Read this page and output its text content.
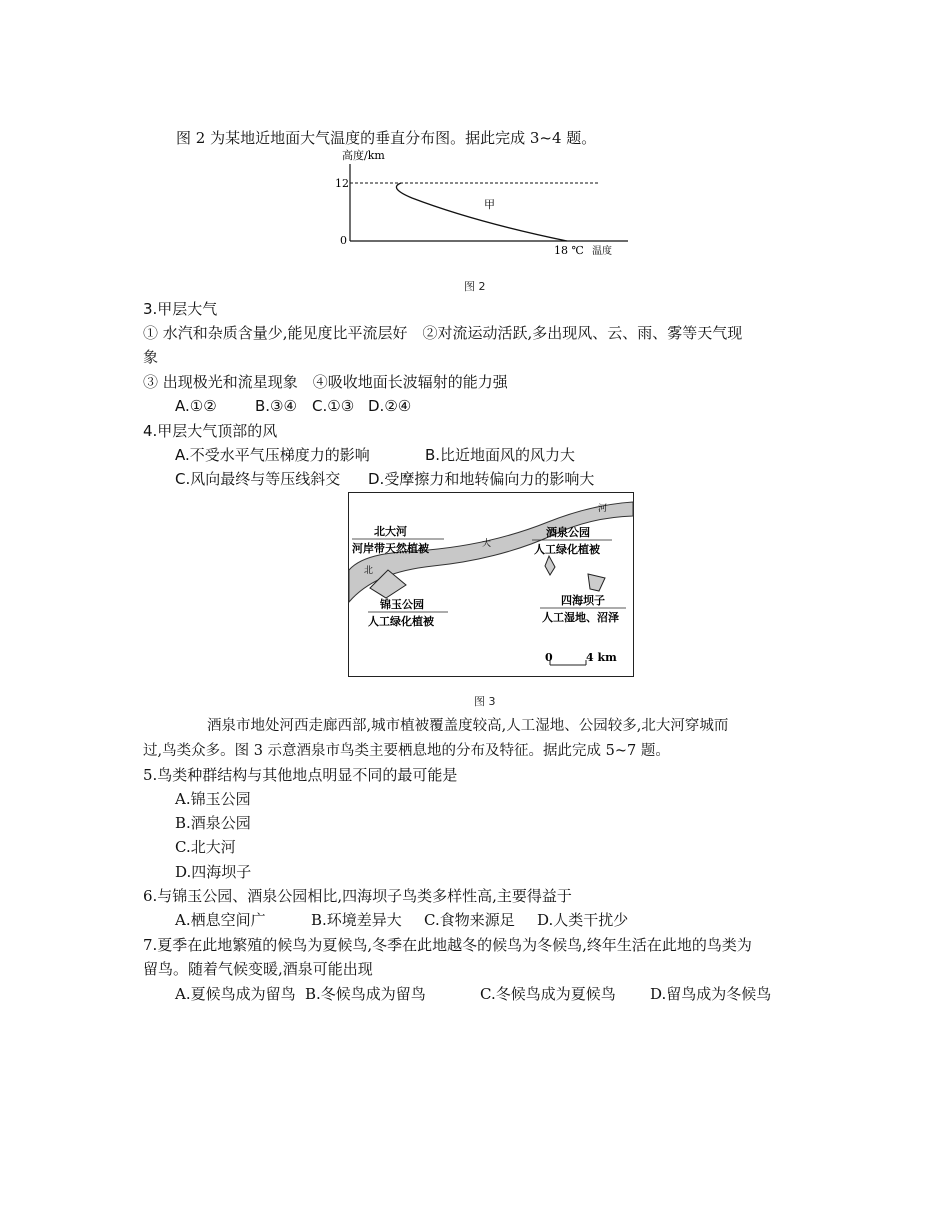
图 2 为某地近地面大气温度的垂直分布图。据此完成 3~4 题。
高度/km
12
0
甲
18 ℃ 温度
图 2
3.甲层大气
① 水汽和杂质含量少,能见度比平流层好　②对流运动活跃,多出现风、云、雨、雾等天气现
象
③ 出现极光和流星现象　④吸收地面长波辐射的能力强
A.①②	B.③④ C.①③ D.②④
4.甲层大气顶部的风
A.不受水平气压梯度力的影响	B.比近地面风的风力大
C.风向最终与等压线斜交 D.受摩擦力和地转偏向力的影响大
北
大
河
北大河
河岸带天然植被
酒泉公园
人工绿化植被
锦玉公园
人工绿化植被
四海坝子
人工湿地、沼泽
0	4 km
图 3
酒泉市地处河西走廊西部,城市植被覆盖度较高,人工湿地、公园较多,北大河穿城而
过,鸟类众多。图 3 示意酒泉市鸟类主要栖息地的分布及特征。据此完成 5~7 题。
5.鸟类种群结构与其他地点明显不同的最可能是
A.锦玉公园
B.酒泉公园
C.北大河
D.四海坝子
6.与锦玉公园、酒泉公园相比,四海坝子鸟类多样性高,主要得益于
A.栖息空间广	B.环境差异大 C.食物来源足 D.人类干扰少
7.夏季在此地繁殖的候鸟为夏候鸟,冬季在此地越冬的候鸟为冬候鸟,终年生活在此地的鸟类为
留鸟。随着气候变暖,酒泉可能出现
A.夏候鸟成为留鸟 B.冬候鸟成为留鸟	C.冬候鸟成为夏候鸟 D.留鸟成为冬候鸟
